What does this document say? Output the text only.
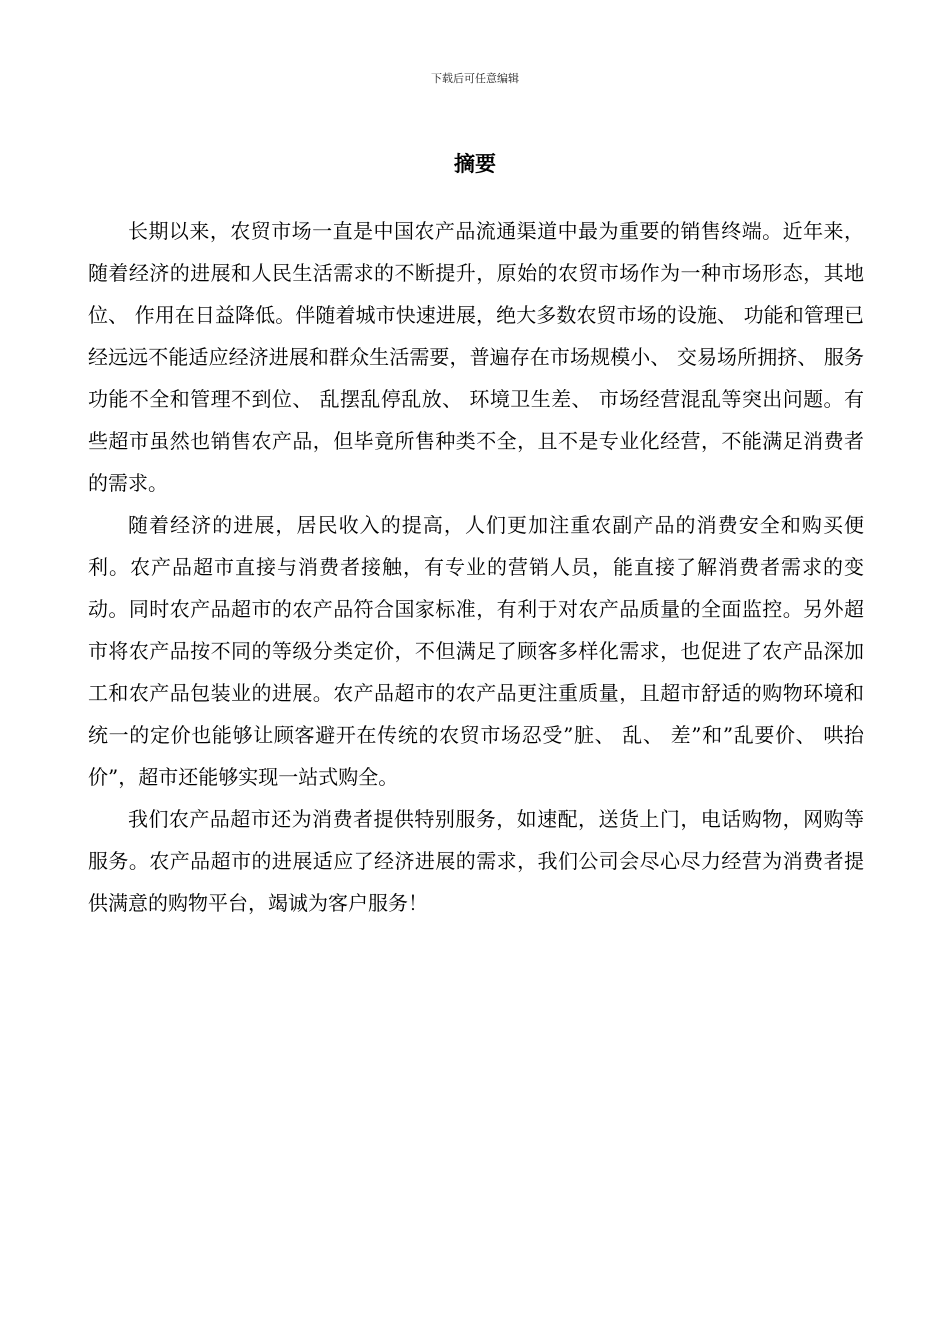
下载后可任意编辑
摘要

长期以来，农贸市场一直是中国农产品流通渠道中最为重要的销售终端。近年来，随着经济的进展和人民生活需求的不断提升，原始的农贸市场作为一种市场形态，其地位、 作用在日益降低。伴随着城市快速进展，绝大多数农贸市场的设施、 功能和管理已经远远不能适应经济进展和群众生活需要，普遍存在市场规模小、 交易场所拥挤、 服务功能不全和管理不到位、 乱摆乱停乱放、 环境卫生差、 市场经营混乱等突出问题。有些超市虽然也销售农产品，但毕竟所售种类不全，且不是专业化经营，不能满足消费者的需求。

随着经济的进展，居民收入的提高，人们更加注重农副产品的消费安全和购买便利。农产品超市直接与消费者接触，有专业的营销人员，能直接了解消费者需求的变动。同时农产品超市的农产品符合国家标准，有利于对农产品质量的全面监控。另外超市将农产品按不同的等级分类定价，不但满足了顾客多样化需求，也促进了农产品深加工和农产品包装业的进展。农产品超市的农产品更注重质量，且超市舒适的购物环境和统一的定价也能够让顾客避开在传统的农贸市场忍受”脏、 乱、 差”和”乱要价、 哄抬价”，超市还能够实现一站式购全。

我们农产品超市还为消费者提供特别服务，如速配，送货上门，电话购物，网购等服务。农产品超市的进展适应了经济进展的需求，我们公司会尽心尽力经营为消费者提供满意的购物平台，竭诚为客户服务！
